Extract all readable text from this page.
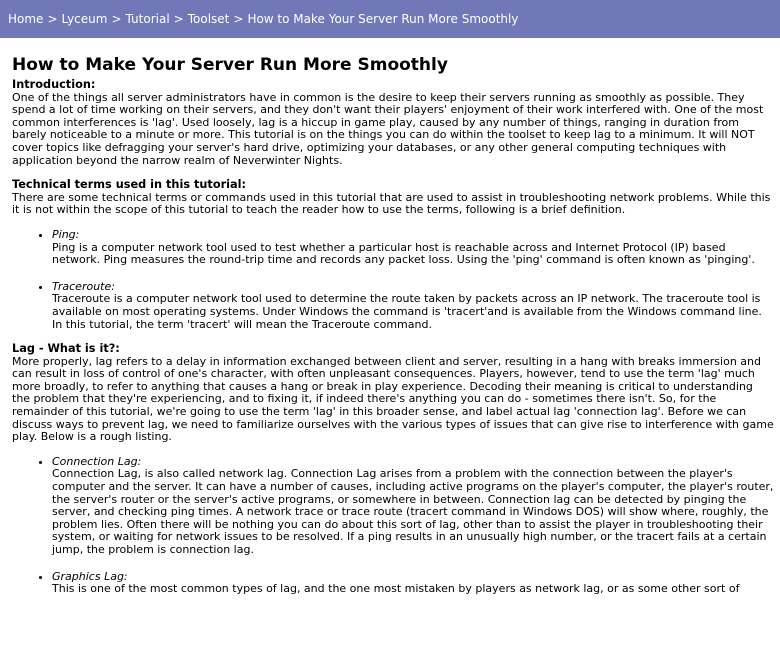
Home > Lyceum > Tutorial > Toolset > How to Make Your Server Run More Smoothly
How to Make Your Server Run More Smoothly
Introduction:

One of the things all server administrators have in common is the desire to keep their servers running as smoothly as possible. They spend a lot of time working on their servers, and they don't want their players' enjoyment of their work interfered with. One of the most common interferences is 'lag'. Used loosely, lag is a hiccup in game play, caused by any number of things, ranging in duration from barely noticeable to a minute or more. This tutorial is on the things you can do within the toolset to keep lag to a minimum. It will NOT cover topics like defragging your server's hard drive, optimizing your databases, or any other general computing techniques with application beyond the narrow realm of Neverwinter Nights.

Technical terms used in this tutorial:

There are some technical terms or commands used in this tutorial that are used to assist in troubleshooting network problems. While this it is not within the scope of this tutorial to teach the reader how to use the terms, following is a brief definition.

• Ping:
Ping is a computer network tool used to test whether a particular host is reachable across and Internet Protocol (IP) based network. Ping measures the round-trip time and records any packet loss. Using the 'ping' command is often known as 'pinging'.
• Traceroute:
Traceroute is a computer network tool used to determine the route taken by packets across an IP network. The traceroute tool is available on most operating systems. Under Windows the command is 'tracert'and is available from the Windows command line. In this tutorial, the term 'tracert' will mean the Traceroute command.
Lag - What is it?:

More properly, lag refers to a delay in information exchanged between client and server, resulting in a hang with breaks immersion and can result in loss of control of one's character, with often unpleasant consequences. Players, however, tend to use the term 'lag' much more broadly, to refer to anything that causes a hang or break in play experience. Decoding their meaning is critical to understanding the problem that they're experiencing, and to fixing it, if indeed there's anything you can do - sometimes there isn't. So, for the remainder of this tutorial, we're going to use the term 'lag' in this broader sense, and label actual lag 'connection lag'. Before we can discuss ways to prevent lag, we need to familiarize ourselves with the various types of issues that can give rise to interference with game play. Below is a rough listing.

• Connection Lag:
Connection Lag, is also called network lag. Connection Lag arises from a problem with the connection between the player's computer and the server. It can have a number of causes, including active programs on the player's computer, the player's router, the server's router or the server's active programs, or somewhere in between. Connection lag can be detected by pinging the server, and checking ping times. A network trace or trace route (tracert command in Windows DOS) will show where, roughly, the problem lies. Often there will be nothing you can do about this sort of lag, other than to assist the player in troubleshooting their system, or waiting for network issues to be resolved. If a ping results in an unusually high number, or the tracert fails at a certain jump, the problem is connection lag.
• Graphics Lag:
This is one of the most common types of lag, and the one most mistaken by players as network lag, or as some other sort of
